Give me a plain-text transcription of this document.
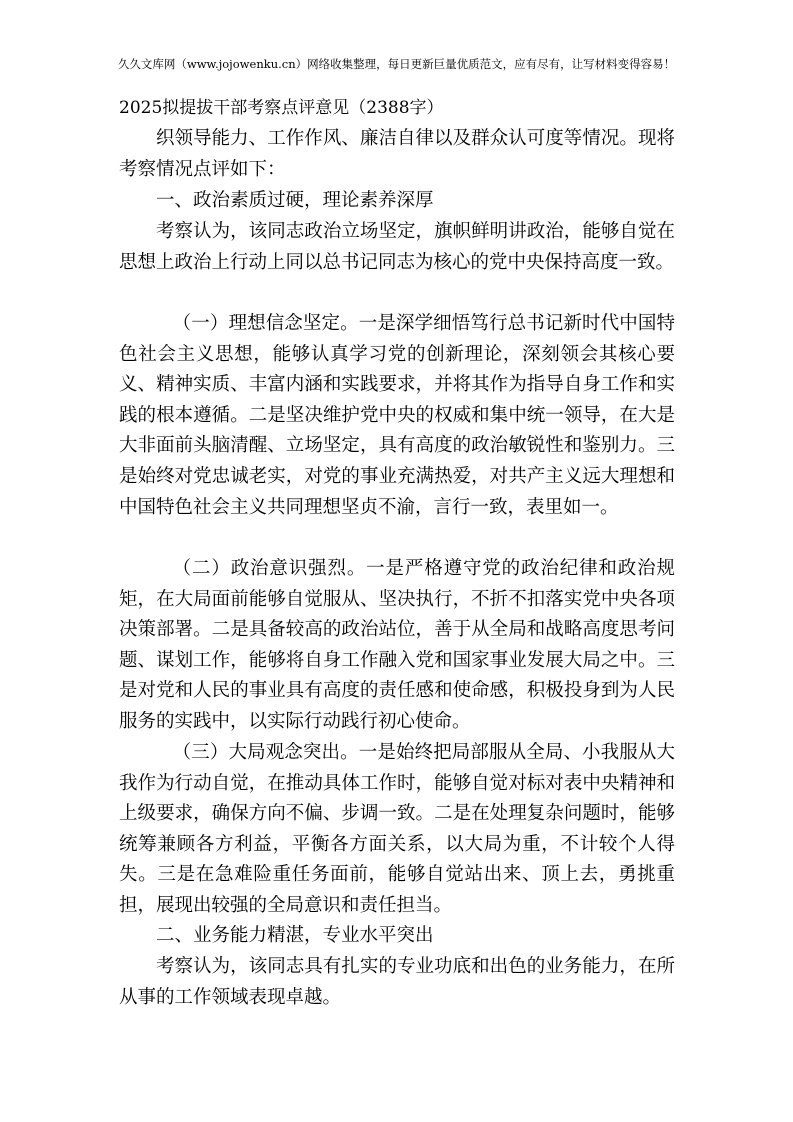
久久文库网（www.jojowenku.cn）网络收集整理，每日更新巨量优质范文，应有尽有，让写材料变得容易！
2025拟提拔干部考察点评意见（2388字）

织领导能力、工作作风、廉洁自律以及群众认可度等情况。现将考察情况点评如下：

一、政治素质过硬，理论素养深厚

考察认为，该同志政治立场坚定，旗帜鲜明讲政治，能够自觉在思想上政治上行动上同以总书记同志为核心的党中央保持高度一致。

（一）理想信念坚定。一是深学细悟笃行总书记新时代中国特色社会主义思想，能够认真学习党的创新理论，深刻领会其核心要义、精神实质、丰富内涵和实践要求，并将其作为指导自身工作和实践的根本遵循。二是坚决维护党中央的权威和集中统一领导，在大是大非面前头脑清醒、立场坚定，具有高度的政治敏锐性和鉴别力。三是始终对党忠诚老实，对党的事业充满热爱，对共产主义远大理想和中国特色社会主义共同理想坚贞不渝，言行一致，表里如一。

（二）政治意识强烈。一是严格遵守党的政治纪律和政治规矩，在大局面前能够自觉服从、坚决执行，不折不扣落实党中央各项决策部署。二是具备较高的政治站位，善于从全局和战略高度思考问题、谋划工作，能够将自身工作融入党和国家事业发展大局之中。三是对党和人民的事业具有高度的责任感和使命感，积极投身到为人民服务的实践中，以实际行动践行初心使命。

（三）大局观念突出。一是始终把局部服从全局、小我服从大我作为行动自觉，在推动具体工作时，能够自觉对标对表中央精神和上级要求，确保方向不偏、步调一致。二是在处理复杂问题时，能够统筹兼顾各方利益，平衡各方面关系，以大局为重，不计较个人得失。三是在急难险重任务面前，能够自觉站出来、顶上去，勇挑重担，展现出较强的全局意识和责任担当。

二、业务能力精湛，专业水平突出

考察认为，该同志具有扎实的专业功底和出色的业务能力，在所从事的工作领域表现卓越。
